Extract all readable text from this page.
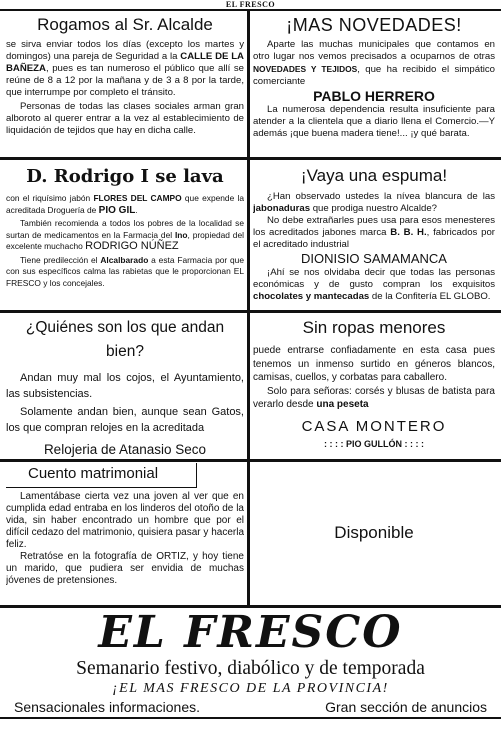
EL FRESCO
Rogamos al Sr. Alcalde

se sirva enviar todos los días (excepto los martes y domingos) una pareja de Seguridad a la CALLE DE LA BAÑEZA, pues es tan numeroso el público que allí se reúne de 8 a 12 por la mañana y de 3 a 8 por la tarde, que interrumpe por completo el tránsito.

Personas de todas las clases sociales arman gran alboroto al querer entrar a la vez al establecimiento de liquidación de tejidos que hay en dicha calle.

¡MAS NOVEDADES!

Aparte las muchas municipales que contamos en otro lugar nos vemos precisados a ocuparnos de otras NOVEDADES Y TEJIDOS, que ha recibido el simpático comerciante

PABLO HERRERO

La numerosa dependencia resulta insuficiente para atender a la clientela que a diario llena el Comercio.—Y además ¡que buena madera tiene!... ¡y qué barata.

D. Rodrigo I se lava

con el riquísimo jabón FLORES DEL CAMPO que expende la acreditada Droguería de PIO GIL.

También recomienda a todos los pobres de la localidad se surtan de medicamentos en la Farmacia del Ino, propiedad del excelente muchacho RODRIGO NÚÑEZ

Tiene predilección el Alcalbarado a esta Farmacia por que con sus específicos calma las rabietas que le proporcionan EL FRESCO y los concejales.

¡Vaya una espuma!

¿Han observado ustedes la nívea blancura de las jabonaduras que prodiga nuestro Alcalde?

No debe extrañarles pues usa para esos menesteres los acreditados jabones marca B. B. H., fabricados por el acreditado industrial

DIONISIO SAMAMANCA

¡Ahí se nos olvidaba decir que todas las personas económicas y de gusto compran los exquisitos chocolates y mantecadas de la Confitería EL GLOBO.

¿Quiénes son los que andan bien?

Andan muy mal los cojos, el Ayuntamiento, las subsistencias.

Solamente andan bien, aunque sean Gatos, los que compran relojes en la acreditada

Relojeria de Atanasio Seco
Sin ropas menores

puede entrarse confiadamente en esta casa pues tenemos un inmenso surtido en géneros blancos, camisas, cuellos, y corbatas para caballero.

Solo para señoras: corsés y blusas de batista para verarlo desde una peseta

CASA MONTERO
: : : : PIO GULLÓN : : : :
Cuento matrimonial

Lamentábase cierta vez una joven al ver que en cumplida edad entraba en los linderos del otoño de la vida, sin haber encontrado un hombre que por el difícil cedazo del matrimonio, quisiera pasar y hacerla feliz.

Retratóse en la fotografía de ORTIZ, y hoy tiene un marido, que pudiera ser envidia de muchas jóvenes de pretensiones.

Disponible
EL FRESCO
Semanario festivo, diabólico y de temporada
¡EL MAS FRESCO DE LA PROVINCIA!
Sensacionales informaciones.	Gran sección de anuncios
